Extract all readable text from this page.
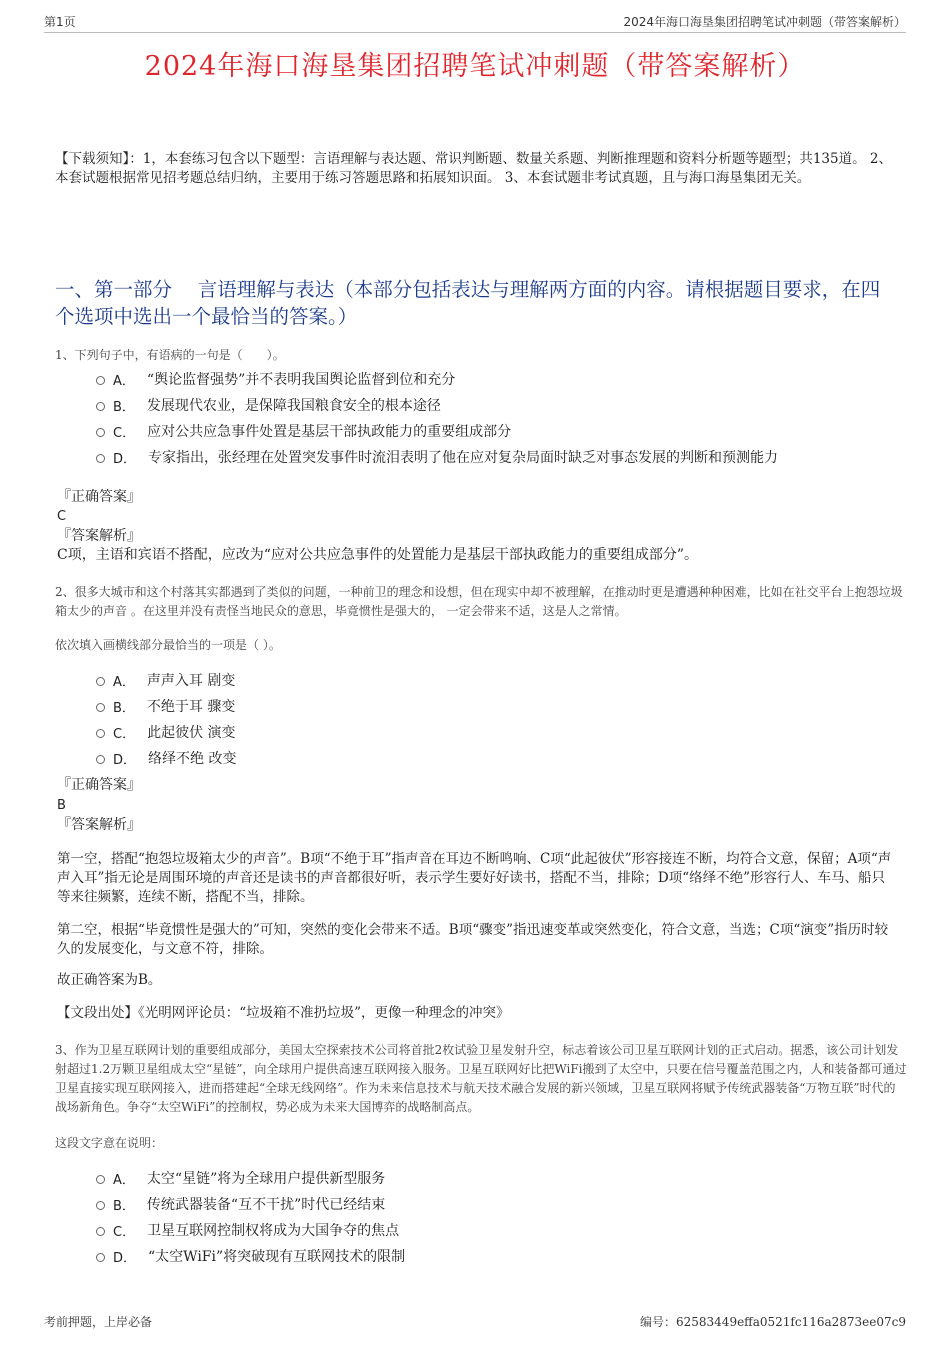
第1页	2024年海口海垦集团招聘笔试冲刺题（带答案解析）
2024年海口海垦集团招聘笔试冲刺题（带答案解析）
【下载须知】：1，本套练习包含以下题型：言语理解与表达题、常识判断题、数量关系题、判断推理题和资料分析题等题型；共135道。 2、本套试题根据常见招考题总结归纳，主要用于练习答题思路和拓展知识面。 3、本套试题非考试真题，且与海口海垦集团无关。
一、第一部分　 言语理解与表达（本部分包括表达与理解两方面的内容。请根据题目要求，在四个选项中选出一个最恰当的答案。）
1、下列句子中，有语病的一句是（　　）。
A． “舆论监督强势”并不表明我国舆论监督到位和充分
B． 发展现代农业，是保障我国粮食安全的根本途径
C． 应对公共应急事件处置是基层干部执政能力的重要组成部分
D． 专家指出，张经理在处置突发事件时流泪表明了他在应对复杂局面时缺乏对事态发展的判断和预测能力
『正确答案』
C
『答案解析』
C项，主语和宾语不搭配，应改为“应对公共应急事件的处置能力是基层干部执政能力的重要组成部分”。
2、很多大城市和这个村落其实都遇到了类似的问题，一种前卫的理念和设想，但在现实中却不被理解，在推动时更是遭遇种种困难，比如在社交平台上抱怨垃圾箱太少的声音 。在这里并没有责怪当地民众的意思，毕竟惯性是强大的， 一定会带来不适，这是人之常情。
依次填入画横线部分最恰当的一项是（ ）。
A． 声声入耳 剧变
B． 不绝于耳 骤变
C． 此起彼伏 演变
D． 络绎不绝 改变
『正确答案』
B
『答案解析』
第一空，搭配“抱怨垃圾箱太少的声音”。B项“不绝于耳”指声音在耳边不断鸣响、C项“此起彼伏”形容接连不断，均符合文意，保留；A项“声声入耳”指无论是周围环境的声音还是读书的声音都很好听，表示学生要好好读书，搭配不当，排除；D项“络绎不绝”形容行人、车马、船只等来往频繁，连续不断，搭配不当，排除。
第二空，根据“毕竟惯性是强大的”可知，突然的变化会带来不适。B项“骤变”指迅速变革或突然变化，符合文意，当选；C项“演变”指历时较久的发展变化，与文意不符，排除。
故正确答案为B。
【文段出处】《光明网评论员：“垃圾箱不准扔垃圾”，更像一种理念的冲突》
3、作为卫星互联网计划的重要组成部分，美国太空探索技术公司将首批2枚试验卫星发射升空，标志着该公司卫星互联网计划的正式启动。据悉，该公司计划发射超过1.2万颗卫星组成太空“星链”，向全球用户提供高速互联网接入服务。卫星互联网好比把WiFi搬到了太空中，只要在信号覆盖范围之内，人和装备都可通过卫星直接实现互联网接入，进而搭建起“全球无线网络”。作为未来信息技术与航天技术融合发展的新兴领域，卫星互联网将赋予传统武器装备“万物互联”时代的战场新角色。争夺“太空WiFi”的控制权，势必成为未来大国博弈的战略制高点。
这段文字意在说明：
A． 太空“星链”将为全球用户提供新型服务
B． 传统武器装备“互不干扰”时代已经结束
C． 卫星互联网控制权将成为大国争夺的焦点
D． “太空WiFi”将突破现有互联网技术的限制
考前押题，上岸必备	编号：62583449effa0521fc116a2873ee07c9
